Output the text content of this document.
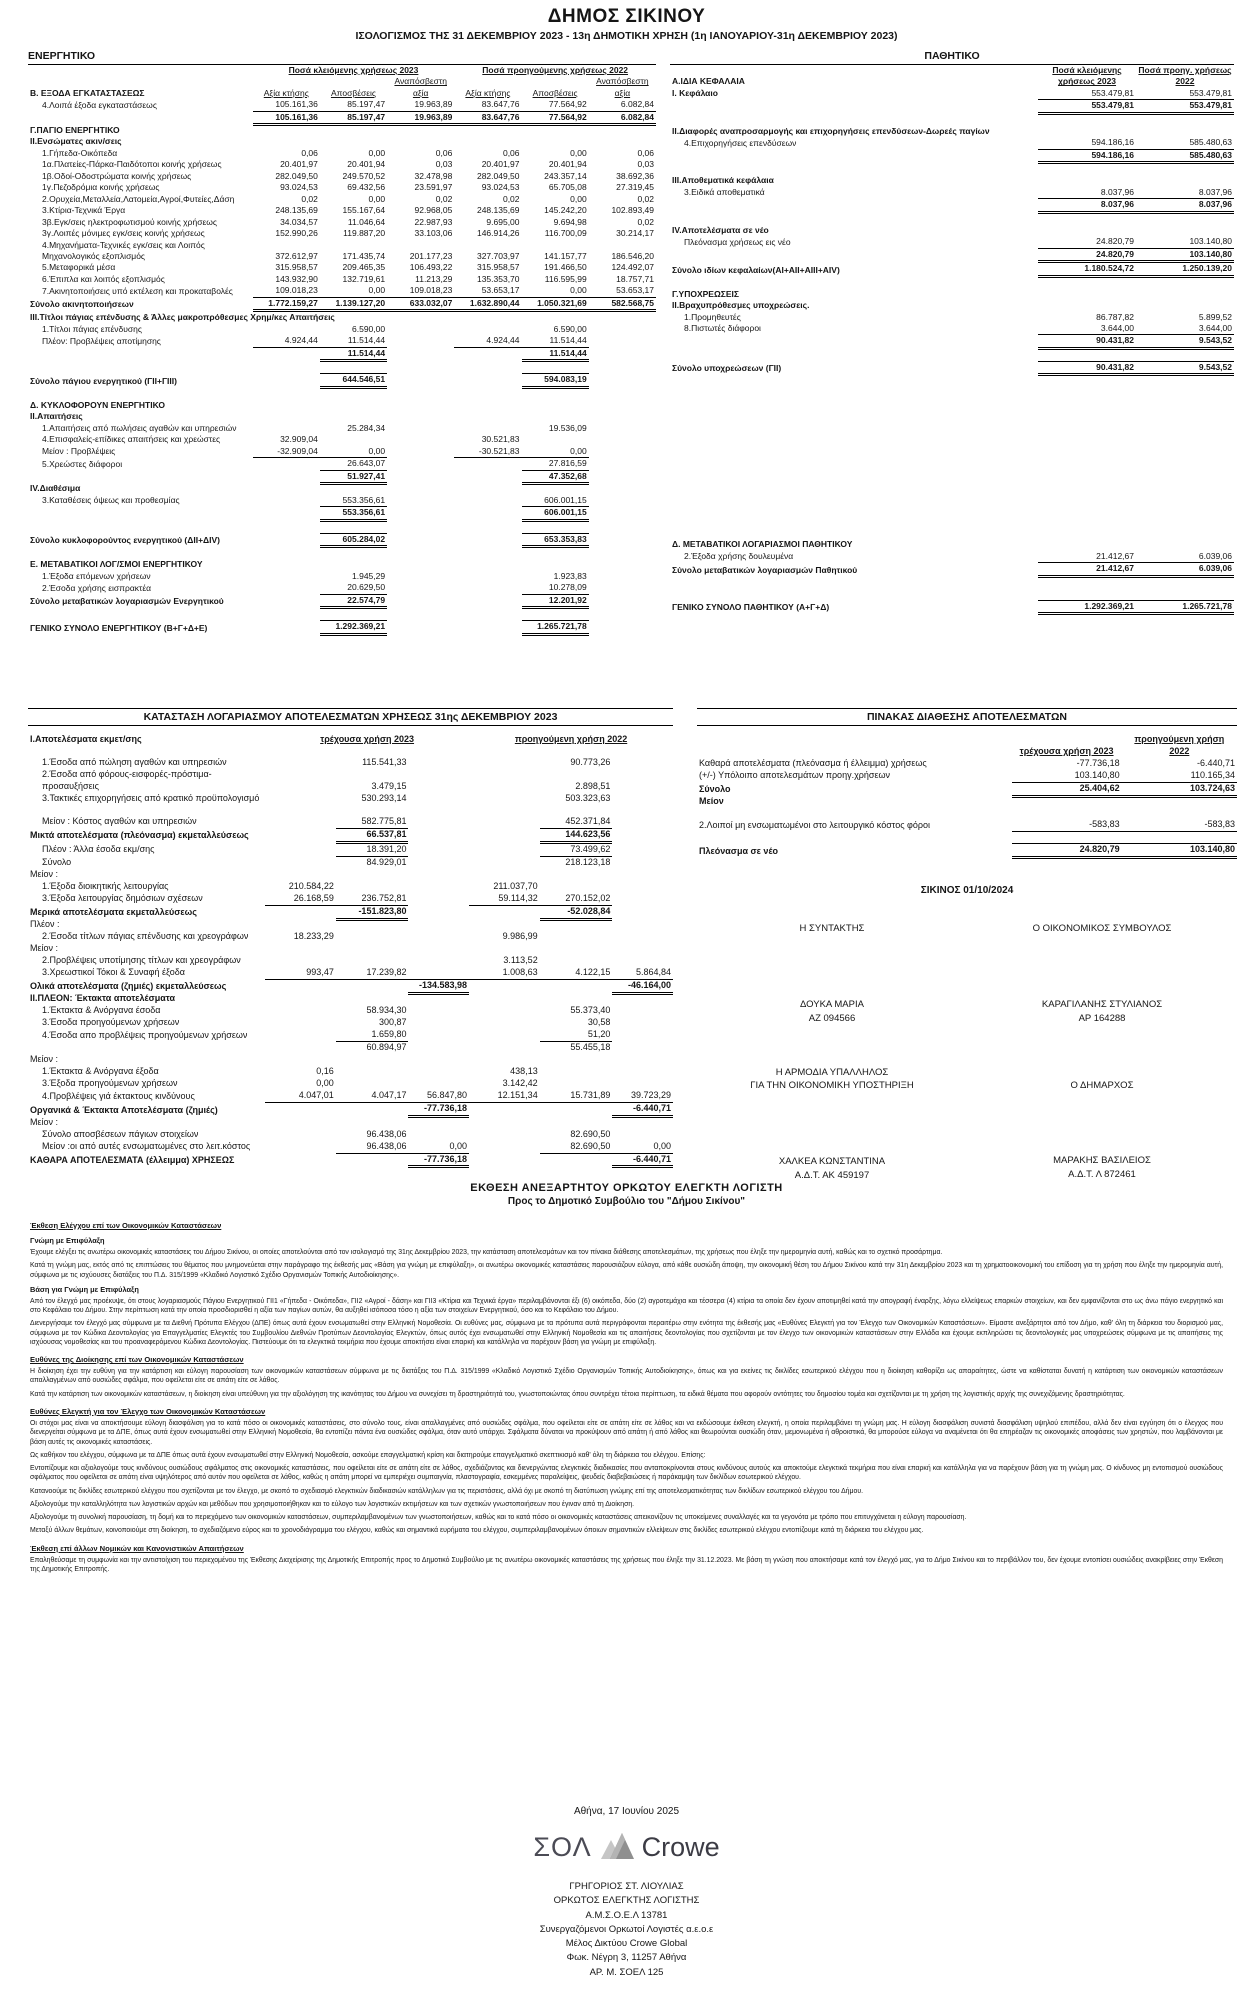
ΔΗΜΟΣ ΣΙΚΙΝΟΥ
ΙΣΟΛΟΓΙΣΜΟΣ ΤΗΣ 31 ΔΕΚΕΜΒΡΙΟΥ 2023 - 13η ΔΗΜΟΤΙΚΗ ΧΡΗΣΗ (1η ΙΑΝΟΥΑΡΙΟΥ-31η ΔΕΚΕΜΒΡΙΟΥ 2023)
ΕΝΕΡΓΗΤΙΚΟ
	Ποσά κλειόμενης χρήσεως 2023			Ποσά προηγούμενης χρήσεως 2022		
Β. ΕΞΟΔΑ ΕΓΚΑΤΑΣΤΑΣΕΩΣ	Αξία κτήσης	Αποσβέσεις	Αναπόσβεστη αξία	Αξία κτήσης	Αποσβέσεις	Αναπόσβεστη αξία
4.Λοιπά έξοδα εγκαταστάσεως	105.161,36	85.197,47	19.963,89	83.647,76	77.564,92	6.082,84
	105.161,36	85.197,47	19.963,89	83.647,76	77.564,92	6.082,84
Γ.ΠΑΓΙΟ ΕΝΕΡΓΗΤΙΚΟ						
ΙΙ.Ενσώματες ακιν/σεις						
1.Γήπεδα-Οικόπεδα	0,06	0,00	0,06	0,06	0,00	0,06
1α.Πλατείες-Πάρκα-Παιδότοποι κοινής χρήσεως	20.401,97	20.401,94	0,03	20.401,97	20.401,94	0,03
1β.Οδοί-Οδοστρώματα κοινής χρήσεως	282.049,50	249.570,52	32.478,98	282.049,50	243.357,14	38.692,36
1γ.Πεζοδρόμια κοινής χρήσεως	93.024,53	69.432,56	23.591,97	93.024,53	65.705,08	27.319,45
2.Ορυχεία,Μεταλλεία,Λατομεία,Αγροί,Φυτείες,Δάση	0,02	0,00	0,02	0,02	0,00	0,02
3.Κτίρια-Τεχνικά Έργα	248.135,69	155.167,64	92.968,05	248.135,69	145.242,20	102.893,49
3β.Εγκ/σεις ηλεκτροφωτισμού κοινής χρήσεως	34.034,57	11.046,64	22.987,93	9.695,00	9.694,98	0,02
3γ.Λοιπές μόνιμες εγκ/σεις κοινής χρήσεως	152.990,26	119.887,20	33.103,06	146.914,26	116.700,09	30.214,17
4.Μηχανήματα-Τεχνικές εγκ/σεις και Λοιπός Μηχανολογικός εξοπλισμός	372.612,97	171.435,74	201.177,23	327.703,97	141.157,77	186.546,20
5.Μεταφορικά μέσα	315.958,57	209.465,35	106.493,22	315.958,57	191.466,50	124.492,07
6.Έπιπλα και λοιπός εξοπλισμός	143.932,90	132.719,61	11.213,29	135.353,70	116.595,99	18.757,71
7.Ακινητοποιήσεις υπό εκτέλεση και προκαταβολές	109.018,23	0,00	109.018,23	53.653,17	0,00	53.653,17
Σύνολο ακινητοποιήσεων	1.772.159,27	1.139.127,20	633.032,07	1.632.890,44	1.050.321,69	582.568,75
ΙΙΙ.Τίτλοι πάγιας επένδυσης & Άλλες μακροπρόθεσμες Χρημ/κες Απαιτήσεις						
1.Τίτλοι πάγιας επένδυσης		6.590,00			6.590,00	
Πλέον: Προβλέψεις αποτίμησης	4.924,44	11.514,44		4.924,44	11.514,44	
		11.514,44			11.514,44	

Σύνολο πάγιου ενεργητικού (ΓΙΙ+ΓΙΙΙ)		644.546,51			594.083,19	

Δ. ΚΥΚΛΟΦΟΡΟΥΝ ΕΝΕΡΓΗΤΙΚΟ						
ΙΙ.Απαιτήσεις						
1.Απαιτήσεις από πωλήσεις αγαθών και υπηρεσιών		25.284,34			19.536,09	
4.Επισφαλείς-επίδικες απαιτήσεις και χρεώστες	32.909,04			30.521,83		
Μείον : Προβλέψεις	-32.909,04	0,00		-30.521,83	0,00	
5.Χρεώστες διάφοροι		26.643,07			27.816,59	
		51.927,41			47.352,68	
IV.Διαθέσιμα						
3.Καταθέσεις όψεως και προθεσμίας		553.356,61			606.001,15	
		553.356,61			606.001,15	

Σύνολο κυκλοφορούντος ενεργητικού (ΔΙΙ+ΔΙV)		605.284,02			653.353,83	

Ε. ΜΕΤΑΒΑΤΙΚΟΙ ΛΟΓ/ΣΜΟΙ ΕΝΕΡΓΗΤΙΚΟΥ						
1.Έξοδα επόμενων χρήσεων		1.945,29			1.923,83	
2.Έσοδα χρήσης εισπρακτέα		20.629,50			10.278,09	
Σύνολο μεταβατικών λογαριασμών Ενεργητικού		22.574,79			12.201,92	

ΓΕΝΙΚΟ ΣΥΝΟΛΟ ΕΝΕΡΓΗΤΙΚΟΥ (Β+Γ+Δ+Ε)		1.292.369,21			1.265.721,78	
ΠΑΘΗΤΙΚΟ
Α.ΙΔΙΑ ΚΕΦΑΛΑΙΑ	Ποσά κλειόμενης χρήσεως 2023	Ποσά προηγ. χρήσεως 2022
Ι. Κεφάλαιο	553.479,81	553.479,81
	553.479,81	553.479,81

ΙΙ.Διαφορές αναπροσαρμογής και επιχορηγήσεις επενδύσεων-Δωρεές παγίων		
4.Επιχορηγήσεις επενδύσεων	594.186,16	585.480,63
	594.186,16	585.480,63

ΙΙΙ.Αποθεματικά κεφάλαια		
3.Ειδικά αποθεματικά	8.037,96	8.037,96
	8.037,96	8.037,96

IV.Αποτελέσματα σε νέο		
Πλεόνασμα χρήσεως εις νέο	24.820,79	103.140,80
	24.820,79	103.140,80
Σύνολο ιδίων κεφαλαίων(ΑΙ+ΑΙΙ+ΑΙΙΙ+ΑΙV)	1.180.524,72	1.250.139,20

Γ.ΥΠΟΧΡΕΩΣΕΙΣ		
ΙΙ.Βραχυπρόθεσμες υποχρεώσεις.		
1.Προμηθευτές	86.787,82	5.899,52
8.Πιστωτές διάφοροι	3.644,00	3.644,00
	90.431,82	9.543,52

Σύνολο υποχρεώσεων (ΓΙΙ)	90.431,82	9.543,52

Δ. ΜΕΤΑΒΑΤΙΚΟΙ ΛΟΓΑΡΙΑΣΜΟΙ ΠΑΘΗΤΙΚΟΥ		
2.Έξοδα χρήσης δουλευμένα	21.412,67	6.039,06
Σύνολο μεταβατικών λογαριασμών Παθητικού	21.412,67	6.039,06

ΓΕΝΙΚΟ ΣΥΝΟΛΟ ΠΑΘΗΤΙΚΟΥ (Α+Γ+Δ)	1.292.369,21	1.265.721,78
ΚΑΤΑΣΤΑΣΗ ΛΟΓΑΡΙΑΣΜΟΥ ΑΠΟΤΕΛΕΣΜΑΤΩΝ ΧΡΗΣΕΩΣ 31ης ΔΕΚΕΜΒΡΙΟΥ 2023
Ι.Αποτελέσματα εκμετ/σης	τρέχουσα χρήση 2023			προηγούμενη χρήση 2022		

1.Έσοδα από πώληση αγαθών και υπηρεσιών		115.541,33			90.773,26	
2.Έσοδα από φόρους-εισφορές-πρόστιμα-προσαυξήσεις		3.479,15			2.898,51	
3.Τακτικές επιχορηγήσεις από κρατικό προϋπολογισμό		530.293,14			503.323,63	

Μείον : Κόστος αγαθών και υπηρεσιών		582.775,81			452.371,84	
Μικτά αποτελέσματα (πλεόνασμα) εκμεταλλεύσεως		66.537,81			144.623,56	
Πλέον : Άλλα έσοδα εκμ/σης		18.391,20			73.499,62	
Σύνολο		84.929,01			218.123,18	
Μείον :						
1.Έξοδα διοικητικής λειτουργίας	210.584,22			211.037,70		
3.Έξοδα λειτουργίας δημόσιων σχέσεων	26.168,59	236.752,81		59.114,32	270.152,02	
Μερικά αποτελέσματα εκμεταλλεύσεως		-151.823,80			-52.028,84	
Πλέον :						
2.Έσοδα τίτλων πάγιας επένδυσης και χρεογράφων	18.233,29			9.986,99		
Μείον :						
2.Προβλέψεις υποτίμησης τίτλων και χρεογράφων				3.113,52		
3.Χρεωστικοί Τόκοι & Συναφή έξοδα	993,47	17.239,82		1.008,63	4.122,15	5.864,84
Ολικά αποτελέσματα (ζημιές) εκμεταλλεύσεως			-134.583,98			-46.164,00
ΙΙ.ΠΛΕΟΝ: Έκτακτα αποτελέσματα						
1.Έκτακτα & Ανόργανα έσοδα		58.934,30			55.373,40	
3.Έσοδα προηγούμενων χρήσεων		300,87			30,58	
4.Έσοδα απο προβλέψεις προηγούμενων χρήσεων		1.659,80			51,20	
		60.894,97			55.455,18	
Μείον :						
1.Έκτακτα & Ανόργανα έξοδα	0,16			438,13		
3.Έξοδα προηγούμενων χρήσεων	0,00			3.142,42		
4.Προβλέψεις γιά έκτακτους κινδύνους	4.047,01	4.047,17	56.847,80	12.151,34	15.731,89	39.723,29
Οργανικά & Έκτακτα Αποτελέσματα (ζημιές)			-77.736,18			-6.440,71
Μείον :						
Σύνολο αποσβέσεων πάγιων στοιχείων		96.438,06			82.690,50	
Μείον :οι από αυτές ενσωματωμένες στο λειτ.κόστος		96.438,06	0,00		82.690,50	0,00
ΚΑΘΑΡΑ ΑΠΟΤΕΛΕΣΜΑΤΑ (έλλειμμα) ΧΡΗΣΕΩΣ			-77.736,18			-6.440,71
ΠΙΝΑΚΑΣ ΔΙΑΘΕΣΗΣ ΑΠΟΤΕΛΕΣΜΑΤΩΝ
	τρέχουσα χρήση 2023	προηγούμενη χρήση 2022
Καθαρά αποτελέσματα (πλεόνασμα ή έλλειμμα) χρήσεως	-77.736,18	-6.440,71
(+/-) Υπόλοιπο αποτελεσμάτων προηγ.χρήσεων	103.140,80	110.165,34
Σύνολο	25.404,62	103.724,63
Μείον		

2.Λοιποί μη ενσωματωμένοι στο λειτουργικό κόστος φόροι	-583,83	-583,83

Πλεόνασμα σε νέο	24.820,79	103.140,80
ΣΙΚΙΝΟΣ 01/10/2024
Η ΣΥΝΤΑΚΤΗΣ
ΔΟΥΚΑ ΜΑΡΙΑ
ΑΖ 094566
Η ΑΡΜΟΔΙΑ ΥΠΑΛΛΗΛΟΣ
ΓΙΑ ΤΗΝ ΟΙΚΟΝΟΜΙΚΗ ΥΠΟΣΤΗΡΙΞΗ
ΧΑΛΚΕΑ ΚΩΝΣΤΑΝΤΙΝΑ
Α.Δ.Τ. ΑΚ 459197
Ο ΟΙΚΟΝΟΜΙΚΟΣ ΣΥΜΒΟΥΛΟΣ
ΚΑΡΑΓΙΛΑΝΗΣ ΣΤΥΛΙΑΝΟΣ
ΑΡ 164288
Ο ΔΗΜΑΡΧΟΣ
ΜΑΡΑΚΗΣ ΒΑΣΙΛΕΙΟΣ
Α.Δ.Τ. Λ 872461
ΕΚΘΕΣΗ ΑΝΕΞΑΡΤΗΤΟΥ ΟΡΚΩΤΟΥ ΕΛΕΓΚΤΗ ΛΟΓΙΣΤΗ
Προς το Δημοτικό Συμβούλιο του "Δήμου Σικίνου"
Έκθεση Ελέγχου επί των Οικονομικών Καταστάσεων
Γνώμη με Επιφύλαξη
Έχουμε ελέγξει τις ανωτέρω οικονομικές καταστάσεις του Δήμου Σικίνου, οι οποίες αποτελούνται από τον ισολογισμό της 31ης Δεκεμβρίου 2023, την κατάσταση αποτελεσμάτων και τον πίνακα διάθεσης αποτελεσμάτων, της χρήσεως που έληξε την ημερομηνία αυτή, καθώς και το σχετικό προσάρτημα.
Κατά τη γνώμη μας, εκτός από τις επιπτώσεις του θέματος που μνημονεύεται στην παράγραφο της έκθεσής μας «Βάση για γνώμη με επιφύλαξη», οι ανωτέρω οικονομικές καταστάσεις παρουσιάζουν εύλογα, από κάθε ουσιώδη άποψη, την οικονομική θέση του Δήμου Σικίνου κατά την 31η Δεκεμβρίου 2023 και τη χρηματοοικονομική του επίδοση για τη χρήση που έληξε την ημερομηνία αυτή, σύμφωνα με τις ισχύουσες διατάξεις του Π.Δ. 315/1999 «Κλαδικό Λογιστικό Σχέδιο Οργανισμών Τοπικής Αυτοδιοίκησης».
Βάση για Γνώμη με Επιφύλαξη
Από τον έλεγχό μας προέκυψε, ότι στους λογαριασμούς Πάγιου Ενεργητικού ΓΙΙ1 «Γήπεδα - Οικόπεδα», ΓΙΙ2 «Αγροί - δάση» και ΓΙΙ3 «Κτίρια και Τεχνικά έργα» περιλαμβάνονται έξι (6) οικόπεδα, δύο (2) αγροτεμάχια και τέσσερα (4) κτίρια τα οποία δεν έχουν αποτιμηθεί κατά την απογραφή έναρξης, λόγω ελλείψεως επαρκών στοιχείων, και δεν εμφανίζονται στο ως άνω πάγιο ενεργητικό και στο Κεφάλαιο του Δήμου. Στην περίπτωση κατά την οποία προσδιορισθεί η αξία των παγίων αυτών, θα αυξηθεί ισόποσα τόσο η αξία των στοιχείων Ενεργητικού, όσο και το Κεφάλαιο του Δήμου.
Διενεργήσαμε τον έλεγχό μας σύμφωνα με τα Διεθνή Πρότυπα Ελέγχου (ΔΠΕ) όπως αυτά έχουν ενσωματωθεί στην Ελληνική Νομοθεσία. Οι ευθύνες μας, σύμφωνα με τα πρότυπα αυτά περιγράφονται περαιτέρω στην ενότητα της έκθεσής μας «Ευθύνες Ελεγκτή για τον Έλεγχο των Οικονομικών Καταστάσεων». Είμαστε ανεξάρτητοι από τον Δήμο, καθ' όλη τη διάρκεια του διορισμού μας, σύμφωνα με τον Κώδικα Δεοντολογίας για Επαγγελματίες Ελεγκτές του Συμβουλίου Διεθνών Προτύπων Δεοντολογίας Ελεγκτών, όπως αυτός έχει ενσωματωθεί στην Ελληνική Νομοθεσία και τις απαιτήσεις δεοντολογίας που σχετίζονται με τον έλεγχο των οικονομικών καταστάσεων στην Ελλάδα και έχουμε εκπληρώσει τις δεοντολογικές μας υποχρεώσεις σύμφωνα με τις απαιτήσεις της ισχύουσας νομοθεσίας και του προαναφερόμενου Κώδικα Δεοντολογίας. Πιστεύουμε ότι τα ελεγκτικά τεκμήρια που έχουμε αποκτήσει είναι επαρκή και κατάλληλα να παρέχουν βάση για γνώμη με επιφύλαξη.
Ευθύνες της Διοίκησης επί των Οικονομικών Καταστάσεων
Η διοίκηση έχει την ευθύνη για την κατάρτιση και εύλογη παρουσίαση των οικονομικών καταστάσεων σύμφωνα με τις διατάξεις του Π.Δ. 315/1999 «Κλαδικό Λογιστικό Σχέδιο Οργανισμών Τοπικής Αυτοδιοίκησης», όπως και για εκείνες τις δικλίδες εσωτερικού ελέγχου που η διοίκηση καθορίζει ως απαραίτητες, ώστε να καθίσταται δυνατή η κατάρτιση των οικονομικών καταστάσεων απαλλαγμένων από ουσιώδες σφάλμα, που οφείλεται είτε σε απάτη είτε σε λάθος.
Κατά την κατάρτιση των οικονομικών καταστάσεων, η διοίκηση είναι υπεύθυνη για την αξιολόγηση της ικανότητας του Δήμου να συνεχίσει τη δραστηριότητά του, γνωστοποιώντας όπου συντρέχει τέτοια περίπτωση, τα ειδικά θέματα που αφορούν οντότητες του δημοσίου τομέα και σχετίζονται με τη χρήση της λογιστικής αρχής της συνεχιζόμενης δραστηριότητας.
Ευθύνες Ελεγκτή για τον Έλεγχο των Οικονομικών Καταστάσεων
Οι στόχοι μας είναι να αποκτήσουμε εύλογη διασφάλιση για το κατά πόσο οι οικονομικές καταστάσεις, στο σύνολο τους, είναι απαλλαγμένες από ουσιώδες σφάλμα, που οφείλεται είτε σε απάτη είτε σε λάθος και να εκδώσουμε έκθεση ελεγκτή, η οποία περιλαμβάνει τη γνώμη μας. Η εύλογη διασφάλιση συνιστά διασφάλιση υψηλού επιπέδου, αλλά δεν είναι εγγύηση ότι ο έλεγχος που διενεργείται σύμφωνα με τα ΔΠΕ, όπως αυτά έχουν ενσωματωθεί στην Ελληνική Νομοθεσία, θα εντοπίζει πάντα ένα ουσιώδες σφάλμα, όταν αυτό υπάρχει. Σφάλματα δύναται να προκύψουν από απάτη ή από λάθος και θεωρούνται ουσιώδη όταν, μεμονωμένα ή αθροιστικά, θα μπορούσε εύλογα να αναμένεται ότι θα επηρέαζαν τις οικονομικές αποφάσεις των χρηστών, που λαμβάνονται με βάση αυτές τις οικονομικές καταστάσεις.
Ως καθήκον του ελέγχου, σύμφωνα με τα ΔΠΕ όπως αυτά έχουν ενσωματωθεί στην Ελληνική Νομοθεσία, ασκούμε επαγγελματική κρίση και διατηρούμε επαγγελματικό σκεπτικισμό καθ' όλη τη διάρκεια του ελέγχου. Επίσης:
Εντοπίζουμε και αξιολογούμε τους κινδύνους ουσιώδους σφάλματος στις οικονομικές καταστάσεις, που οφείλεται είτε σε απάτη είτε σε λάθος, σχεδιάζοντας και διενεργώντας ελεγκτικές διαδικασίες που ανταποκρίνονται στους κινδύνους αυτούς και αποκτούμε ελεγκτικά τεκμήρια που είναι επαρκή και κατάλληλα για να παρέχουν βάση για τη γνώμη μας. Ο κίνδυνος μη εντοπισμού ουσιώδους σφάλματος που οφείλεται σε απάτη είναι υψηλότερος από αυτόν που οφείλεται σε λάθος, καθώς η απάτη μπορεί να εμπεριέχει συμπαιγνία, πλαστογραφία, εσκεμμένες παραλείψεις, ψευδείς διαβεβαιώσεις ή παράκαμψη των δικλίδων εσωτερικού ελέγχου.
Κατανοούμε τις δικλίδες εσωτερικού ελέγχου που σχετίζονται με τον έλεγχο, με σκοπό το σχεδιασμό ελεγκτικών διαδικασιών κατάλληλων για τις περιστάσεις, αλλά όχι με σκοπό τη διατύπωση γνώμης επί της αποτελεσματικότητας των δικλίδων εσωτερικού ελέγχου του Δήμου.
Αξιολογούμε την καταλληλότητα των λογιστικών αρχών και μεθόδων που χρησιμοποιήθηκαν και το εύλογο των λογιστικών εκτιμήσεων και των σχετικών γνωστοποιήσεων που έγιναν από τη Διοίκηση.
Αξιολογούμε τη συνολική παρουσίαση, τη δομή και το περιεχόμενο των οικονομικών καταστάσεων, συμπεριλαμβανομένων των γνωστοποιήσεων, καθώς και το κατά πόσο οι οικονομικές καταστάσεις απεικονίζουν τις υποκείμενες συναλλαγές και τα γεγονότα με τρόπο που επιτυγχάνεται η εύλογη παρουσίαση.
Μεταξύ άλλων θεμάτων, κοινοποιούμε στη διοίκηση, το σχεδιαζόμενο εύρος και το χρονοδιάγραμμα του ελέγχου, καθώς και σημαντικά ευρήματα του ελέγχου, συμπεριλαμβανομένων όποιων σημαντικών ελλείψεων στις δικλίδες εσωτερικού ελέγχου εντοπίζουμε κατά τη διάρκεια του ελέγχου μας.
Έκθεση επί άλλων Νομικών και Κανονιστικών Απαιτήσεων
Επαληθεύσαμε τη συμφωνία και την αντιστοίχιση του περιεχομένου της Έκθεσης Διαχείρισης της Δημοτικής Επιτροπής προς το Δημοτικό Συμβούλιο με τις ανωτέρω οικονομικές καταστάσεις της χρήσεως που έληξε την 31.12.2023. Με βάση τη γνώση που αποκτήσαμε κατά τον έλεγχό μας, για το Δήμο Σικίνου και το περιβάλλον του, δεν έχουμε εντοπίσει ουσιώδεις ανακρίβειες στην Έκθεση της Δημοτικής Επιτροπής.
Αθήνα, 17 Ιουνίου 2025
ΣΟΛ Crowe
ΓΡΗΓΟΡΙΟΣ ΣΤ. ΛΙΟΥΛΙΑΣ
ΟΡΚΩΤΟΣ ΕΛΕΓΚΤΗΣ ΛΟΓΙΣΤΗΣ
Α.Μ.Σ.Ο.Ε.Λ 13781
Συνεργαζόμενοι Ορκωτοί Λογιστές α.ε.ο.ε
Μέλος Δικτύου Crowe Global
Φωκ. Νέγρη 3, 11257 Αθήνα
ΑΡ. Μ. ΣΟΕΛ 125
